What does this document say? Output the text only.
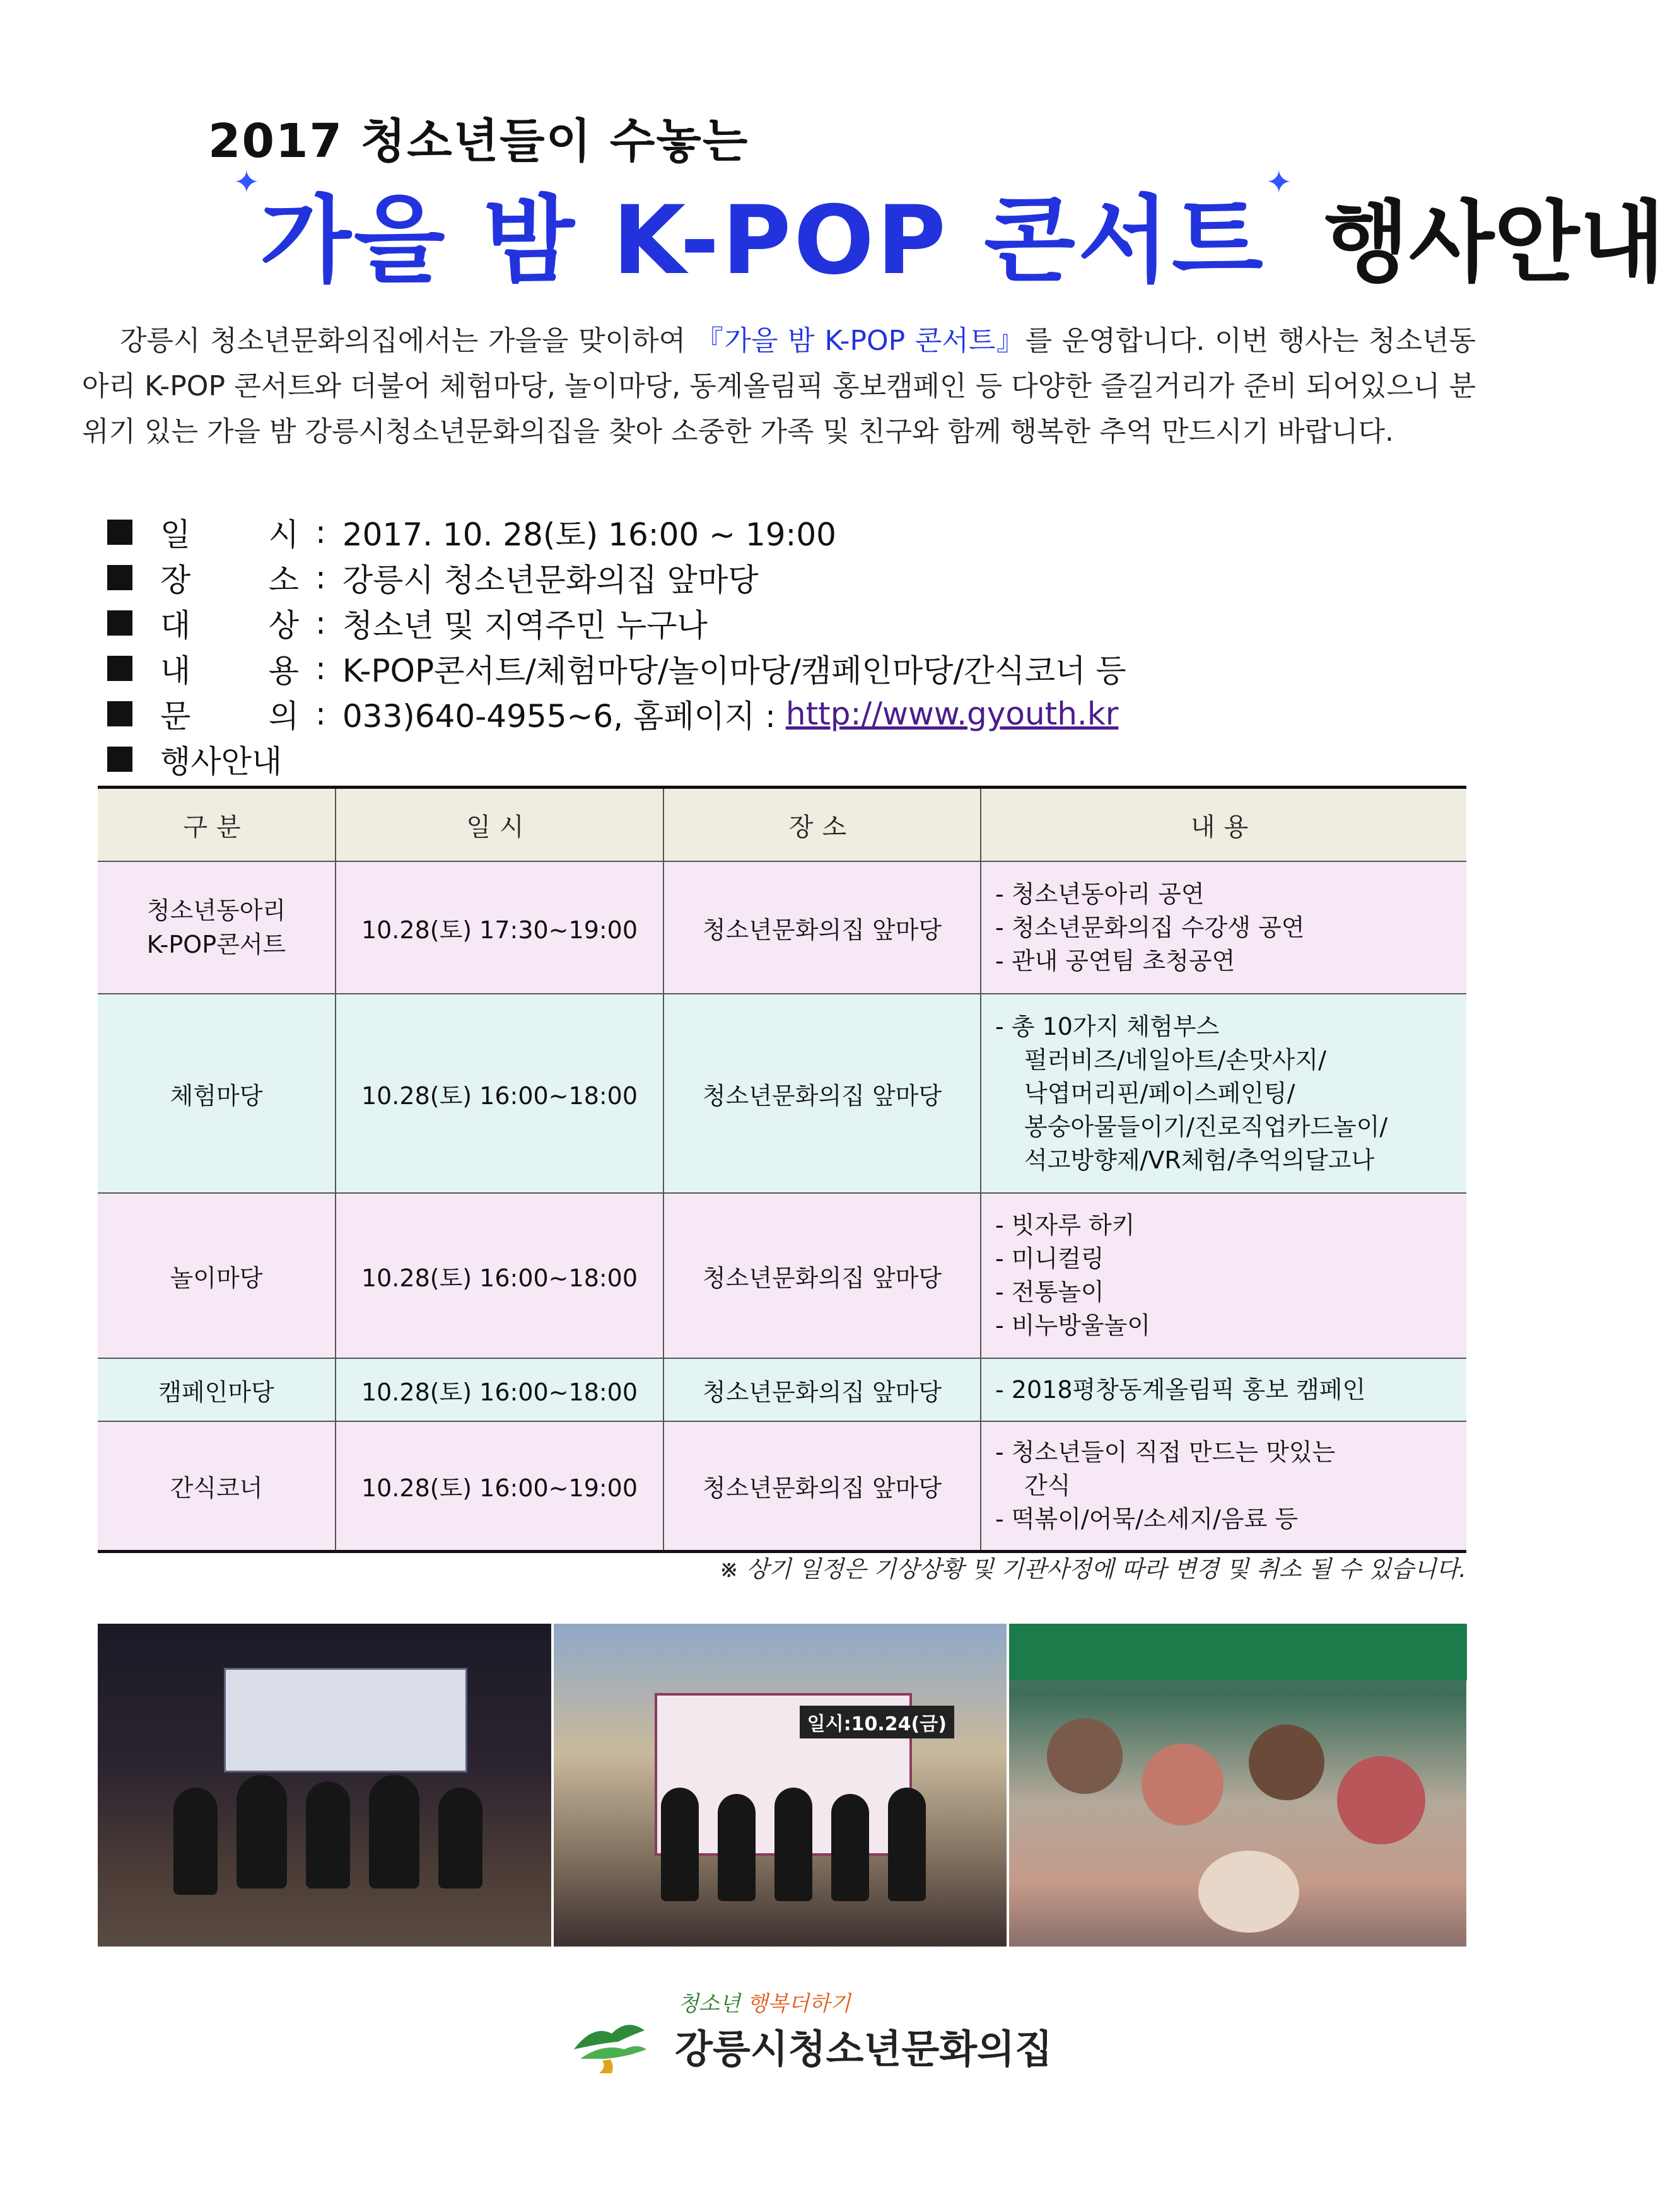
2017 청소년들이 수놓는
✦가을 밤 K-POP 콘서트✦행사안내

강릉시 청소년문화의집에서는 가을을 맞이하여 『가을 밤 K-POP 콘서트』를 운영합니다. 이번 행사는 청소년동아리 K-POP 콘서트와 더불어 체험마당, 놀이마당, 동계올림픽 홍보캠페인 등 다양한 즐길거리가 준비 되어있으니 분위기 있는 가을 밤 강릉시청소년문화의집을 찾아 소중한 가족 및 친구와 함께 행복한 추억 만드시기 바랍니다.

일 시 : 2017. 10. 28(토) 16:00 ~ 19:00
장 소 : 강릉시 청소년문화의집 앞마당
대 상 : 청소년 및 지역주민 누구나
내 용 : K-POP콘서트/체험마당/놀이마당/캠페인마당/간식코너 등
문 의 : 033)640-4955~6, 홈페이지 :
http://www.gyouth.kr
행사안내
구분	일시	장소	내용

청소년동아리
K-POP콘서트	10.28(토) 17:30~19:00	청소년문화의집 앞마당	- 청소년동아리 공연
- 청소년문화의집 수강생 공연
- 관내 공연팀 초청공연

체험마당	10.28(토) 16:00~18:00	청소년문화의집 앞마당	- 총 10가지 체험부스
펄러비즈/네일아트/손맛사지/
낙엽머리핀/페이스페인팅/
봉숭아물들이기/진로직업카드놀이/
석고방향제/VR체험/추억의달고나

놀이마당	10.28(토) 16:00~18:00	청소년문화의집 앞마당	- 빗자루 하키
- 미니컬링
- 전통놀이
- 비누방울놀이

캠페인마당	10.28(토) 16:00~18:00	청소년문화의집 앞마당	- 2018평창동계올림픽 홍보 캠페인

간식코너	10.28(토) 16:00~19:00	청소년문화의집 앞마당	- 청소년들이 직접 만드는 맛있는
간식
- 떡볶이/어묵/소세지/음료 등
※ 상기 일정은 기상상황 및 기관사정에 따라 변경 및 취소 될 수 있습니다.
일시:10.24(금)
청소년 행복더하기
강릉시청소년문화의집
